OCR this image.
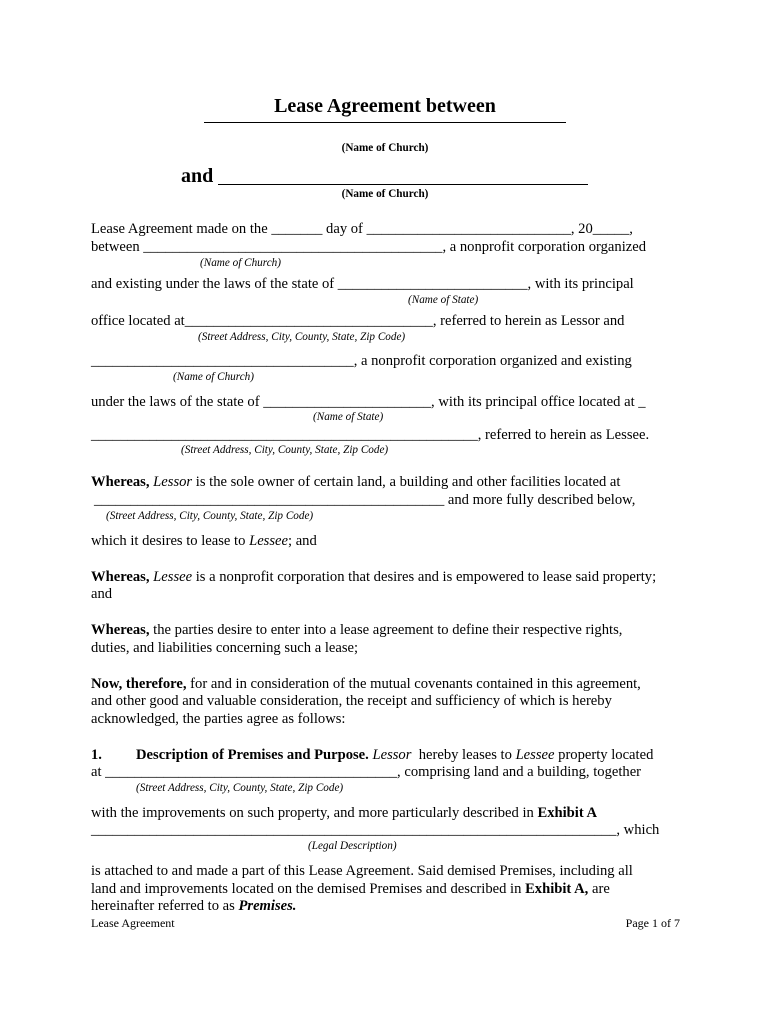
Lease Agreement between
(Name of Church)
and
(Name of Church)
Lease Agreement made on the _______ day of ____________________________, 20_____,
between _________________________________________, a nonprofit corporation organized
(Name of Church)
and existing under the laws of the state of __________________________, with its principal
(Name of State)
office located at__________________________________, referred to herein as Lessor and
(Street Address, City, County, State, Zip Code)
____________________________________, a nonprofit corporation organized and existing
(Name of Church)
under the laws of the state of _______________________, with its principal office located at _
(Name of State)
_____________________________________________________, referred to herein as Lessee.
(Street Address, City, County, State, Zip Code)
Whereas, Lessor is the sole owner of certain land, a building and other facilities located at
________________________________________________ and more fully described below,
(Street Address, City, County, State, Zip Code)
which it desires to lease to Lessee; and
Whereas, Lessee is a nonprofit corporation that desires and is empowered to lease said property;
and
Whereas, the parties desire to enter into a lease agreement to define their respective rights,
duties, and liabilities concerning such a lease;
Now, therefore, for and in consideration of the mutual covenants contained in this agreement,
and other good and valuable consideration, the receipt and sufficiency of which is hereby
acknowledged, the parties agree as follows:
1. Description of Premises and Purpose. Lessor hereby leases to Lessee property located
at ________________________________________, comprising land and a building, together
(Street Address, City, County, State, Zip Code)
with the improvements on such property, and more particularly described in Exhibit A
________________________________________________________________________, which
(Legal Description)
is attached to and made a part of this Lease Agreement. Said demised Premises, including all
land and improvements located on the demised Premises and described in Exhibit A, are
hereinafter referred to as Premises.
Lease Agreement	Page 1 of 7
